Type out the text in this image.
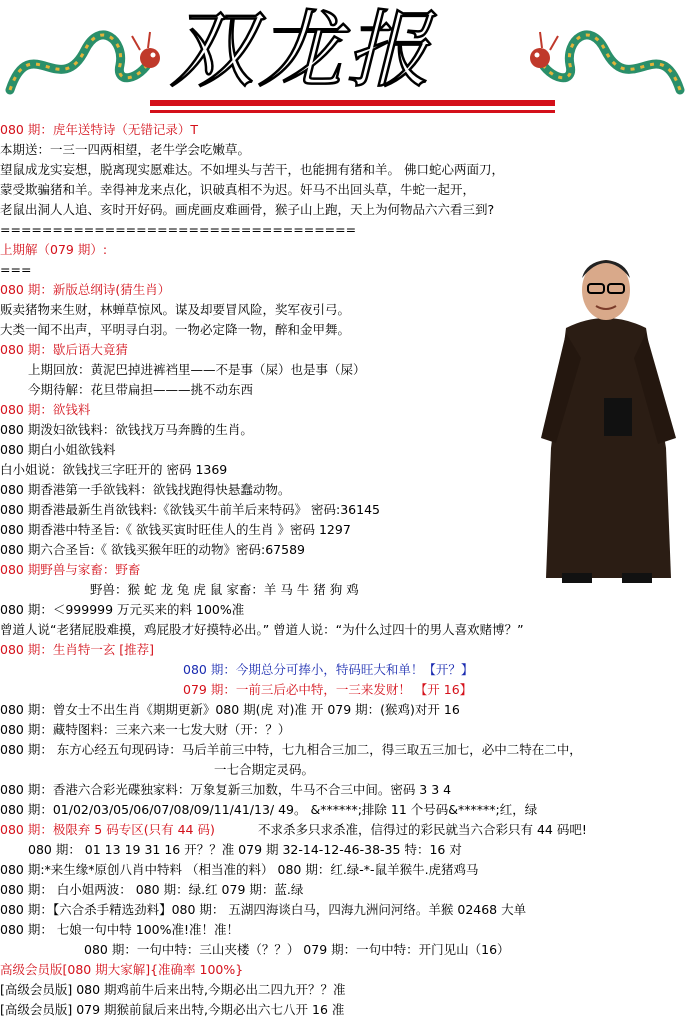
双龙报
080 期：虎年送特诗（无错记录）T
本期送：一三一四两相望，老牛学会吃嫩草。
望鼠成龙实妄想，脱离现实愿难达。不如埋头与苦干，也能拥有猪和羊。 佛口蛇心两面刀，
蒙受欺骗猪和羊。幸得神龙来点化，识破真相不为迟。奸马不出回头草，牛蛇一起开，
老鼠出洞人人追、亥时开好码。画虎画皮难画骨，猴子山上跑，天上为何物品六六看三到?
==================================
上期解（079 期）:
===
080 期：新版总纲诗(猜生肖）
贩卖猪物来生财，林蝉草惊风。谋及却要冒风险，奖军夜引弓。
大类一闻不出声，平明寻白羽。一物必定降一物，醉和金甲舞。
080 期：歇后语大竟猜
上期回放：黄泥巴掉进裤裆里——不是事（屎）也是事（屎）
今期待解：花旦带扁担———挑不动东西
080 期：欲钱料
080 期泼妇欲钱料：欲钱找万马奔腾的生肖。
080 期白小姐欲钱料
白小姐说：欲钱找三字旺开的 密码 1369
080 期香港第一手欲钱料：欲钱找跑得快悬蠢动物。
080 期香港最新生肖欲钱料:《欲钱买牛前羊后来特码》 密码:36145
080 期香港中特圣旨:《 欲钱买寅时旺佳人的生肖 》密码 1297
080 期六合圣旨:《 欲钱买猴年旺的动物》密码:67589
080 期野兽与家畜：野畜
野兽：猴 蛇 龙 兔 虎 鼠 家畜：羊 马 牛 猪 狗 鸡
080 期：＜999999 万元买来的料 100%准
曾道人说“老猪屁股难摸，鸡屁股才好摸特必出。” 曾道人说：“为什么过四十的男人喜欢赌博？”
080 期：生肖特一玄 [推荐]
080 期：今期总分可捧小，特码旺大和单！【开？】
079 期：一前三后必中特，一三来发财！ 【开 16】
080 期：曾女士不出生肖《期期更新》080 期(虎 对)准 开 079 期：(猴鸡)对开 16
080 期：藏特图料：三来六来一七发大财（开：？）
080 期： 东方心经五句现码诗：马后羊前三中特，七九相合三加二，得三取五三加七，必中二特在二中，
一七合期定灵码。
080 期：香港六合彩光碟独家料：万象复新三加数，牛马不合三中间。密码 3 3 4
080 期：01/02/03/05/06/07/08/09/11/41/13/ 49。 &******;排除 11 个号码&******;红，绿
080 期：极限弃 5 码专区(只有 44 码)	不求杀多只求杀准，信得过的彩民就当六合彩只有 44 码吧!
080 期： 01 13 19 31 16 开？？准 079 期 32-14-12-46-38-35 特：16 对
080 期:*来生缘*原创八肖中特料 （相当准的料） 080 期：红.绿-*-鼠羊猴牛.虎猪鸡马
080 期： 白小姐两波： 080 期：绿.红 079 期：蓝.绿
080 期：【六合杀手精选劲料】080 期： 五湖四海谈白马，四海九洲问河络。羊猴 02468 大单
080 期： 七娘一句中特 100%准!准！准！
080 期：一句中特：三山夹楼（？？） 079 期：一句中特：开门见山（16）
高级会员版[080 期大家解]{准确率 100%}
[高级会员版] 080 期鸡前牛后来出特,今期必出二四九开？？准
[高级会员版] 079 期猴前鼠后来出特,今期必出六七八开 16 准
